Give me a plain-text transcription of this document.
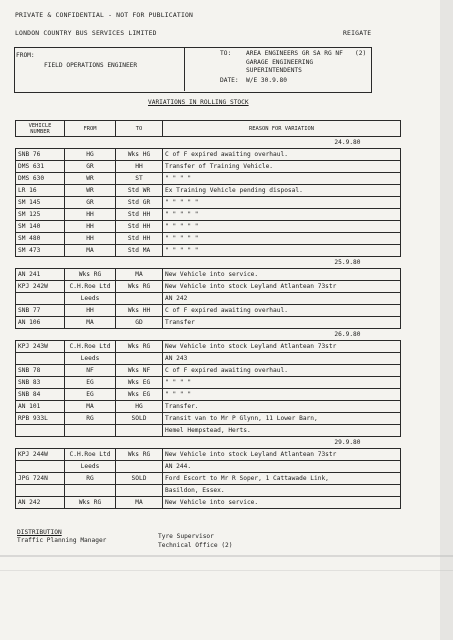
PRIVATE & CONFIDENTIAL - NOT FOR PUBLICATION
LONDON COUNTRY BUS SERVICES LIMITED	REIGATE
FROM:
FIELD OPERATIONS ENGINEER
TO: AREA ENGINEERS GR SA RG NF (2)
GARAGE ENGINEERING
SUPERINTENDENTS
DATE: W/E 30.9.80
VARIATIONS IN ROLLING STOCK
VEHICLE NUMBER	FROM	TO	REASON FOR VARIATION
24.9.80			
SNB 76	HG	Wks HG	C of F expired awaiting overhaul.
DMS 631	GR	HH	Transfer of Training Vehicle.
DMS 630	WR	ST	" " " "
LR 16	WR	Std WR	Ex Training Vehicle pending disposal.
SM 145	GR	Std GR	" " " " "
SM 125	HH	Std HH	" " " " "
SM 140	HH	Std HH	" " " " "
SM 480	HH	Std HH	" " " " "
SM 473	MA	Std MA	" " " " "
25.9.80			
AN 241	Wks RG	MA	New Vehicle into service.
KPJ 242W	C.H.Roe Ltd	Wks RG	New Vehicle into stock Leyland Atlantean 73str
	Leeds		AN 242
SNB 77	HH	Wks HH	C of F expired awaiting overhaul.
AN 106	MA	GD	Transfer
26.9.80			
KPJ 243W	C.H.Roe Ltd	Wks RG	New Vehicle into stock Leyland Atlantean 73str
	Leeds		AN 243
SNB 78	NF	Wks NF	C of F expired awaiting overhaul.
SNB 83	EG	Wks EG	" " " "
SNB 84	EG	Wks EG	" " " "
AN 101	MA	HG	Transfer.
RPB 933L	RG	SOLD	Transit van to Mr P Glynn, 11 Lower Barn,
			Hemel Hempstead, Herts.
29.9.80			
KPJ 244W	C.H.Roe Ltd	Wks RG	New Vehicle into stock Leyland Atlantean 73str
	Leeds		AN 244.
JPG 724N	RG	SOLD	Ford Escort to Mr R Soper, 1 Cattawade Link,
			Basildon, Essex.
AN 242	Wks RG	MA	New Vehicle into service.
DISTRIBUTION
Traffic Planning Manager
Tyre Supervisor
Technical Office (2)
